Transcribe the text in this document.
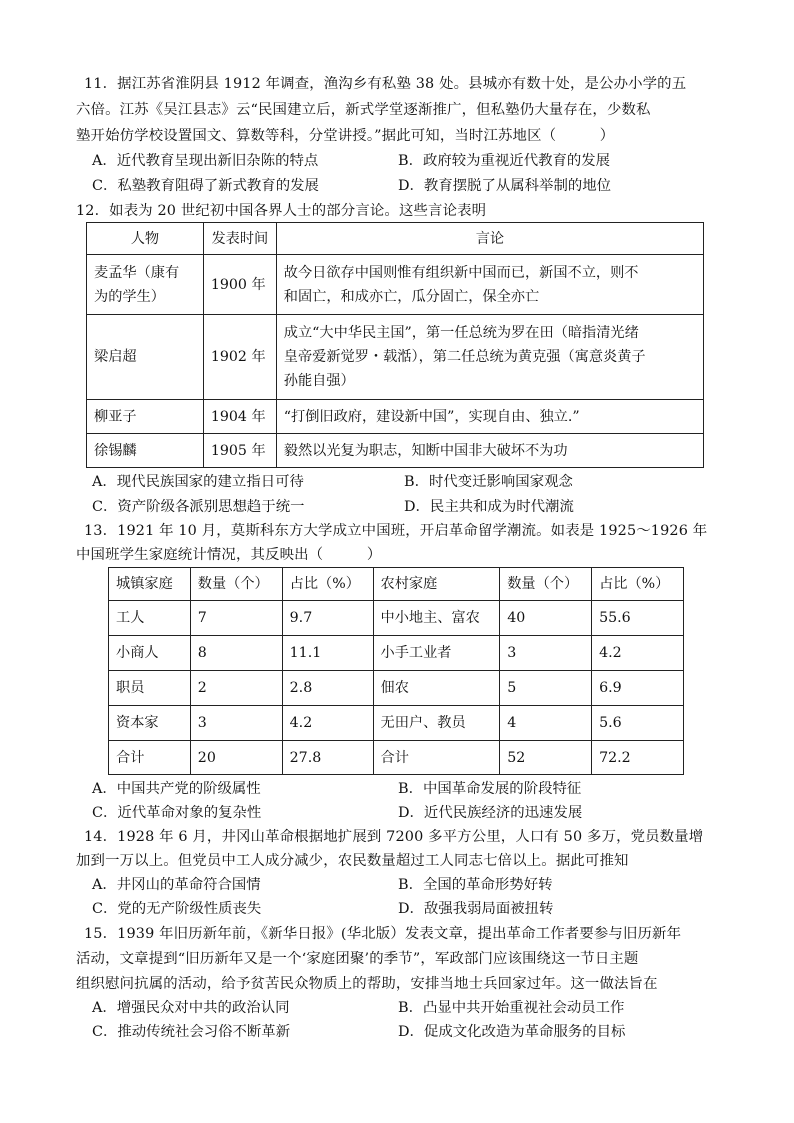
11．据江苏省淮阴县 1912 年调查，渔沟乡有私塾 38 处。县城亦有数十处，是公办小学的五
六倍。江苏《吴江县志》云“民国建立后，新式学堂逐渐推广，但私塾仍大量存在，少数私
塾开始仿学校设置国文、算数等科，分堂讲授。”据此可知，当时江苏地区（　　　）
A．近代教育呈现出新旧杂陈的特点	B．政府较为重视近代教育的发展
C．私塾教育阻碍了新式教育的发展	D．教育摆脱了从属科举制的地位
12．如表为 20 世纪初中国各界人士的部分言论。这些言论表明
人物	发表时间	言论

麦孟华（康有
为的学生）	1900 年	故今日欲存中国则惟有组织新中国而已，新国不立，则不
和固亡，和成亦亡，瓜分固亡，保全亦亡

梁启超	1902 年	成立“大中华民主国”，第一任总统为罗在田（暗指清光绪
皇帝爱新觉罗・载湉），第二任总统为黄克强（寓意炎黄子
孙能自强）

柳亚子	1904 年	“打倒旧政府，建设新中国”，实现自由、独立.”
徐锡麟	1905 年	毅然以光复为职志，知断中国非大破坏不为功
A．现代民族国家的建立指日可待	B．时代变迁影响国家观念
C．资产阶级各派别思想趋于统一	D．民主共和成为时代潮流
13．1921 年 10 月，莫斯科东方大学成立中国班，开启革命留学潮流。如表是 1925～1926 年
中国班学生家庭统计情况，其反映出（　　　）
城镇家庭	数量（个）	占比（%）	农村家庭	数量（个）	占比（%）
工人	7	9.7	中小地主、富农	40	55.6
小商人	8	11.1	小手工业者	3	4.2
职员	2	2.8	佃农	5	6.9
资本家	3	4.2	无田户、教员	4	5.6
合计	20	27.8	合计	52	72.2
A．中国共产党的阶级属性	B．中国革命发展的阶段特征
C．近代革命对象的复杂性	D．近代民族经济的迅速发展
14．1928 年 6 月，井冈山革命根据地扩展到 7200 多平方公里，人口有 50 多万，党员数量增
加到一万以上。但党员中工人成分减少，农民数量超过工人同志七倍以上。据此可推知
A．井冈山的革命符合国情	B．全国的革命形势好转
C．党的无产阶级性质丧失	D．敌强我弱局面被扭转
15．1939 年旧历新年前，《新华日报》(华北版）发表文章，提出革命工作者要参与旧历新年
活动，文章提到“旧历新年又是一个‘家庭团聚’的季节”，军政部门应该围绕这一节日主题
组织慰问抗属的活动，给予贫苦民众物质上的帮助，安排当地士兵回家过年。这一做法旨在
A．增强民众对中共的政治认同	B．凸显中共开始重视社会动员工作
C．推动传统社会习俗不断革新	D．促成文化改造为革命服务的目标
